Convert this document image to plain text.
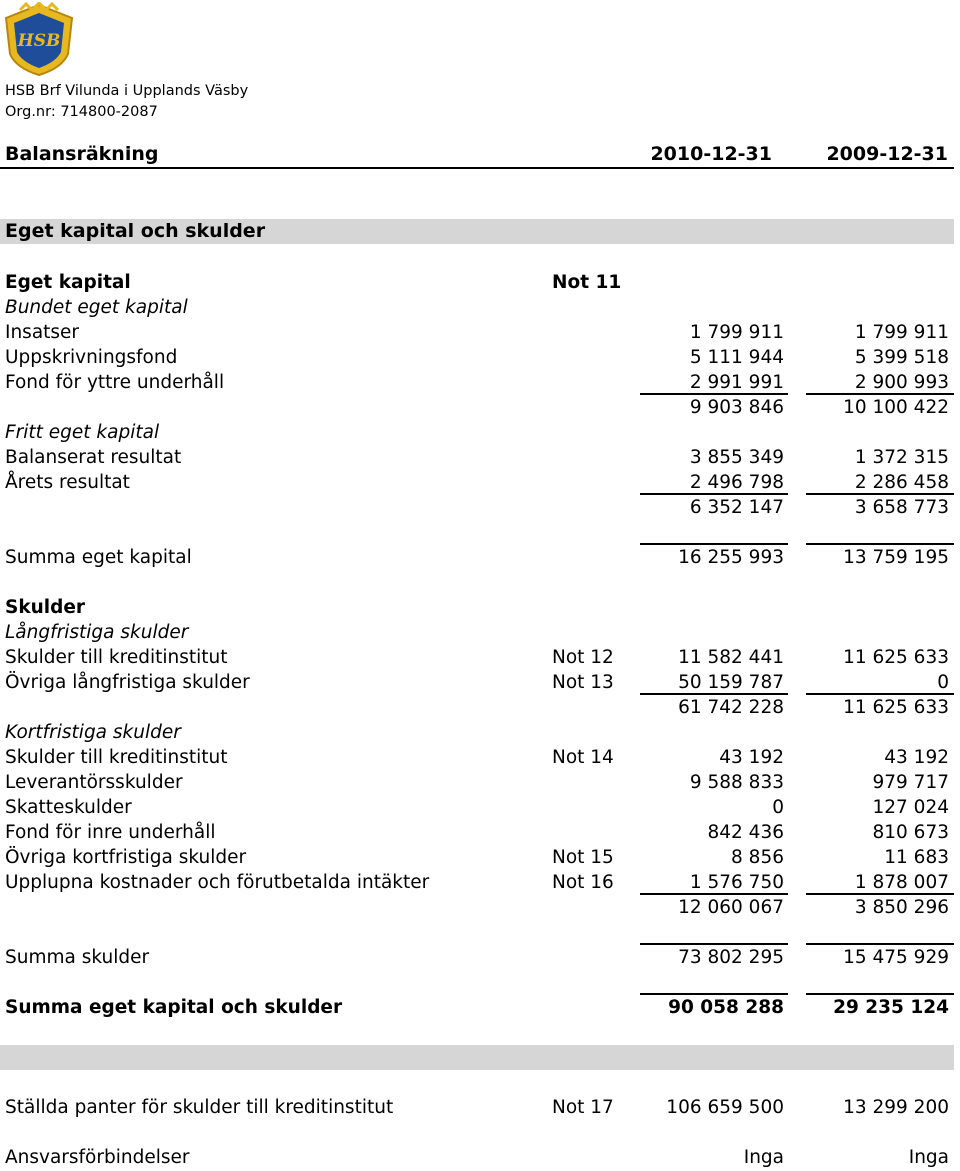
HSB
HSB Brf Vilunda i Upplands Väsby
Org.nr: 714800-2087
Balansräkning	2010-12-31	2009-12-31
Eget kapital och skulder
Eget kapital	Not 11
Bundet eget kapital
Insatser	1 799 911	1 799 911
Uppskrivningsfond	5 111 944	5 399 518
Fond för yttre underhåll	2 991 991	2 900 993
9 903 846	10 100 422
Fritt eget kapital
Balanserat resultat	3 855 349	1 372 315
Årets resultat	2 496 798	2 286 458
6 352 147	3 658 773
Summa eget kapital	16 255 993	13 759 195
Skulder
Långfristiga skulder
Skulder till kreditinstitut	Not 12	11 582 441	11 625 633
Övriga långfristiga skulder	Not 13	50 159 787	0
61 742 228	11 625 633
Kortfristiga skulder
Skulder till kreditinstitut	Not 14	43 192	43 192
Leverantörsskulder	9 588 833	979 717
Skatteskulder	0	127 024
Fond för inre underhåll	842 436	810 673
Övriga kortfristiga skulder	Not 15	8 856	11 683
Upplupna kostnader och förutbetalda intäkter	Not 16	1 576 750	1 878 007
12 060 067	3 850 296
Summa skulder	73 802 295	15 475 929
Summa eget kapital och skulder	90 058 288	29 235 124
Ställda panter för skulder till kreditinstitut	Not 17	106 659 500	13 299 200
Ansvarsförbindelser	Inga	Inga
